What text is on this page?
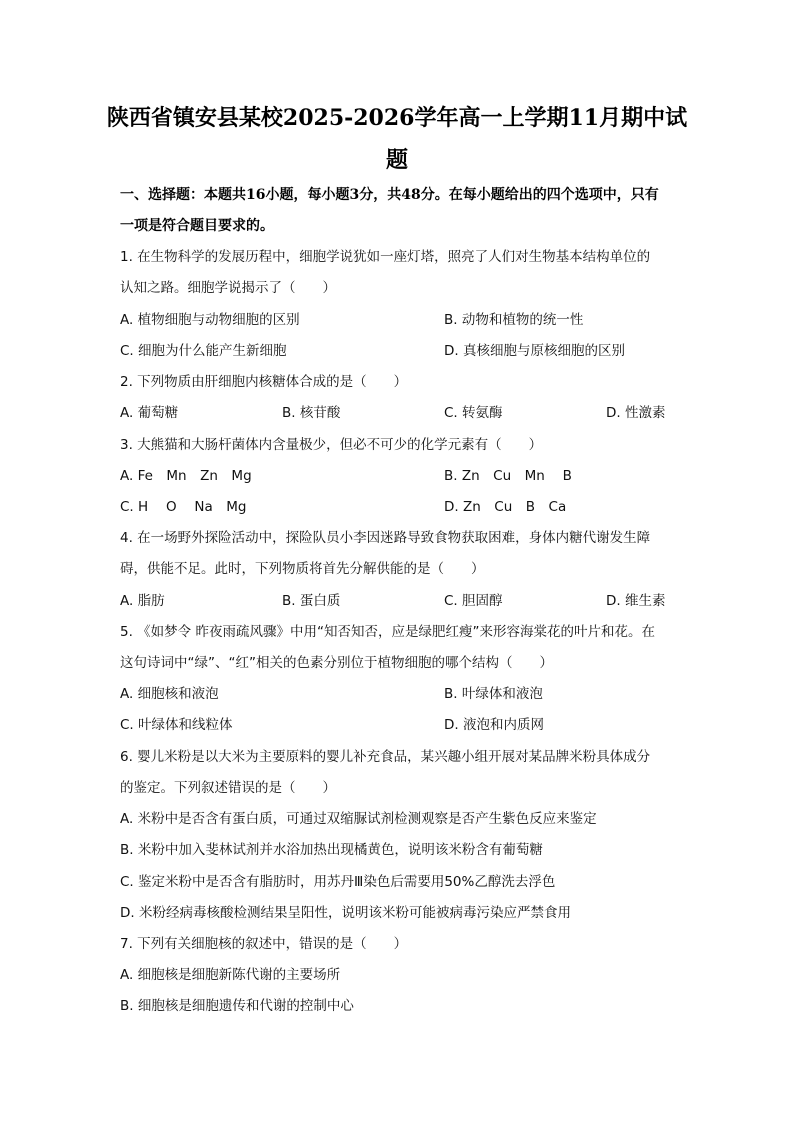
陕西省镇安县某校2025-2026学年高一上学期11月期中试
题
一、选择题：本题共16小题，每小题3分，共48分。在每小题给出的四个选项中，只有
一项是符合题目要求的。
1. 在生物科学的发展历程中，细胞学说犹如一座灯塔，照亮了人们对生物基本结构单位的
认知之路。细胞学说揭示了（　　）
A. 植物细胞与动物细胞的区别	B. 动物和植物的统一性
C. 细胞为什么能产生新细胞	D. 真核细胞与原核细胞的区别
2. 下列物质由肝细胞内核糖体合成的是（　　）
A. 葡萄糖	B. 核苷酸	C. 转氨酶	D. 性激素
3. 大熊猫和大肠杆菌体内含量极少，但必不可少的化学元素有（　　）
A. Fe　Mn　Zn　Mg	B. Zn　Cu　Mn　 B
C. H　 O　 Na　Mg	D. Zn　Cu　B　Ca
4. 在一场野外探险活动中，探险队员小李因迷路导致食物获取困难，身体内糖代谢发生障
碍，供能不足。此时，下列物质将首先分解供能的是（　　）
A. 脂肪	B. 蛋白质	C. 胆固醇	D. 维生素
5. 《如梦令 昨夜雨疏风骤》中用“知否知否，应是绿肥红瘦”来形容海棠花的叶片和花。在
这句诗词中“绿”、“红”相关的色素分别位于植物细胞的哪个结构（　　）
A. 细胞核和液泡	B. 叶绿体和液泡
C. 叶绿体和线粒体	D. 液泡和内质网
6. 婴儿米粉是以大米为主要原料的婴儿补充食品，某兴趣小组开展对某品牌米粉具体成分
的鉴定。下列叙述错误的是（　　）
A. 米粉中是否含有蛋白质，可通过双缩脲试剂检测观察是否产生紫色反应来鉴定
B. 米粉中加入斐林试剂并水浴加热出现橘黄色，说明该米粉含有葡萄糖
C. 鉴定米粉中是否含有脂肪时，用苏丹Ⅲ染色后需要用50%乙醇洗去浮色
D. 米粉经病毒核酸检测结果呈阳性，说明该米粉可能被病毒污染应严禁食用
7. 下列有关细胞核的叙述中，错误的是（　　）
A. 细胞核是细胞新陈代谢的主要场所
B. 细胞核是细胞遗传和代谢的控制中心
